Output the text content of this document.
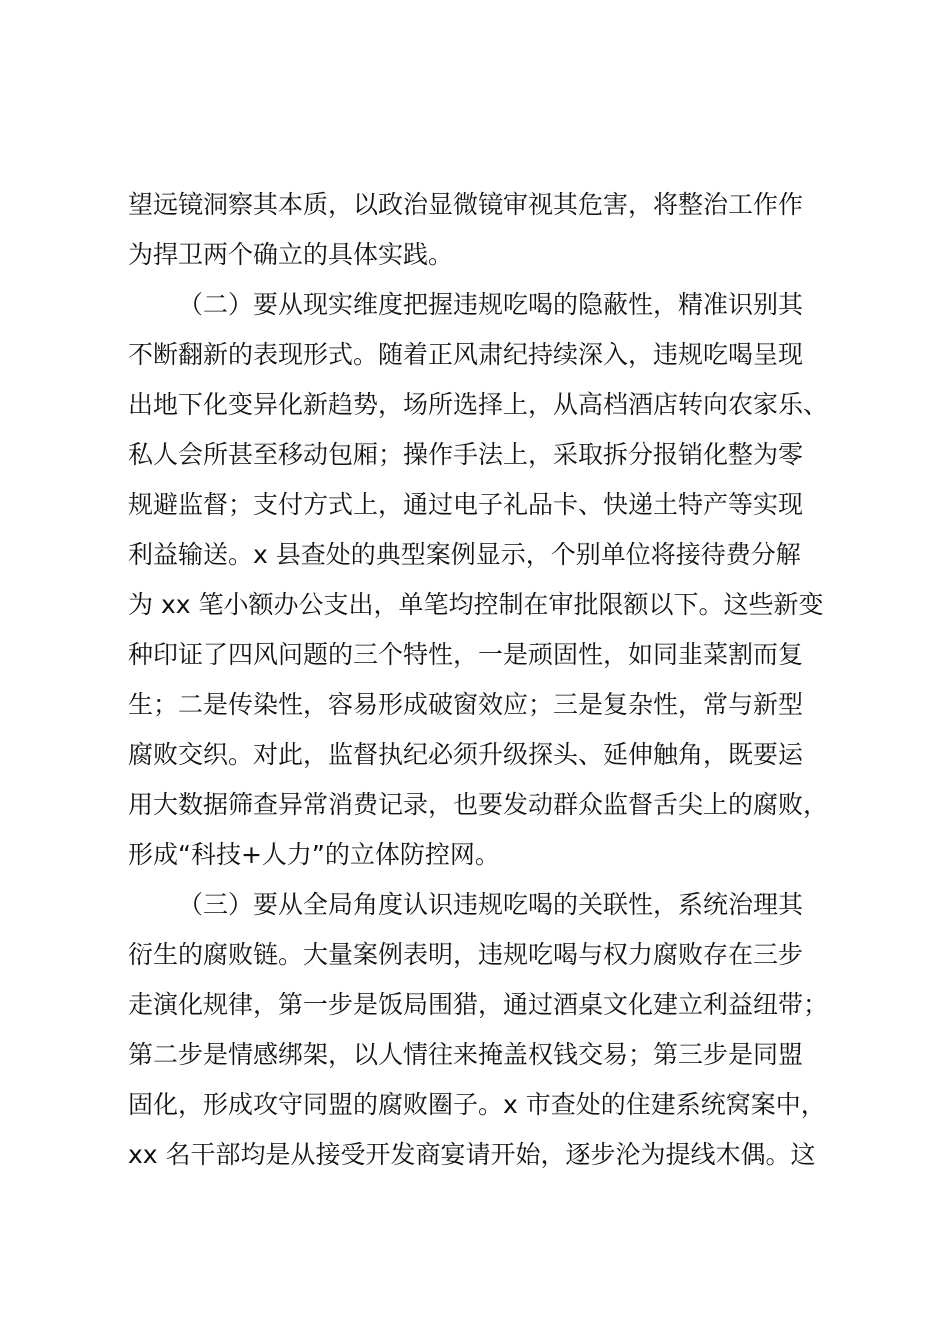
望远镜洞察其本质，以政治显微镜审视其危害，将整治工作作
为捍卫两个确立的具体实践。
（二）要从现实维度把握违规吃喝的隐蔽性，精准识别其
不断翻新的表现形式。随着正风肃纪持续深入，违规吃喝呈现
出地下化变异化新趋势，场所选择上，从高档酒店转向农家乐、
私人会所甚至移动包厢；操作手法上，采取拆分报销化整为零
规避监督；支付方式上，通过电子礼品卡、快递土特产等实现
利益输送。x 县查处的典型案例显示，个别单位将接待费分解
为 xx 笔小额办公支出，单笔均控制在审批限额以下。这些新变
种印证了四风问题的三个特性，一是顽固性，如同韭菜割而复
生；二是传染性，容易形成破窗效应；三是复杂性，常与新型
腐败交织。对此，监督执纪必须升级探头、延伸触角，既要运
用大数据筛查异常消费记录，也要发动群众监督舌尖上的腐败，
形成“科技+人力”的立体防控网。
（三）要从全局角度认识违规吃喝的关联性，系统治理其
衍生的腐败链。大量案例表明，违规吃喝与权力腐败存在三步
走演化规律，第一步是饭局围猎，通过酒桌文化建立利益纽带；
第二步是情感绑架，以人情往来掩盖权钱交易；第三步是同盟
固化，形成攻守同盟的腐败圈子。x 市查处的住建系统窝案中，
xx 名干部均是从接受开发商宴请开始，逐步沦为提线木偶。这
